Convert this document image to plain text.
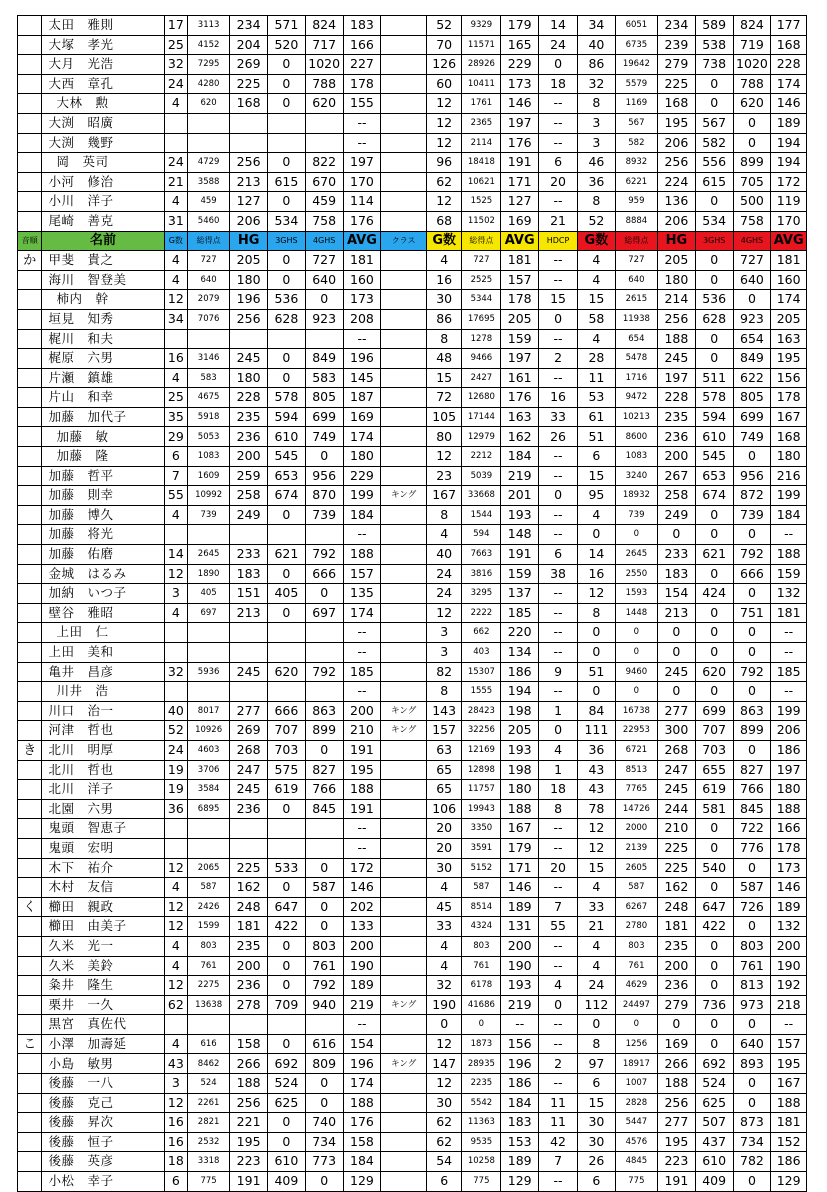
	太田　雅則	17	3113	234	571	824	183		52	9329	179	14	34	6051	234	589	824	177
	大塚　孝光	25	4152	204	520	717	166		70	11571	165	24	40	6735	239	538	719	168
	大月　光浩	32	7295	269	0	1020	227		126	28926	229	0	86	19642	279	738	1020	228
	大西　章孔	24	4280	225	0	788	178		60	10411	173	18	32	5579	225	0	788	174
	大林　勲	4	620	168	0	620	155		12	1761	146	--	8	1169	168	0	620	146
	大渕　昭廣						--		12	2365	197	--	3	567	195	567	0	189
	大渕　幾野						--		12	2114	176	--	3	582	206	582	0	194
	岡　英司	24	4729	256	0	822	197		96	18418	191	6	46	8932	256	556	899	194
	小河　修治	21	3588	213	615	670	170		62	10621	171	20	36	6221	224	615	705	172
	小川　洋子	4	459	127	0	459	114		12	1525	127	--	8	959	136	0	500	119
	尾崎　善克	31	5460	206	534	758	176		68	11502	169	21	52	8884	206	534	758	170
音順	名前	G数	総得点	HG	3GHS	4GHS	AVG	クラス	G数	総得点	AVG	HDCP	G数	総得点	HG	3GHS	4GHS	AVG
か	甲斐　貴之	4	727	205	0	727	181		4	727	181	--	4	727	205	0	727	181
	海川　智登美	4	640	180	0	640	160		16	2525	157	--	4	640	180	0	640	160
	柿内　幹	12	2079	196	536	0	173		30	5344	178	15	15	2615	214	536	0	174
	垣見　知秀	34	7076	256	628	923	208		86	17695	205	0	58	11938	256	628	923	205
	梶川　和夫						--		8	1278	159	--	4	654	188	0	654	163
	梶原　六男	16	3146	245	0	849	196		48	9466	197	2	28	5478	245	0	849	195
	片瀬　鎮雄	4	583	180	0	583	145		15	2427	161	--	11	1716	197	511	622	156
	片山　和幸	25	4675	228	578	805	187		72	12680	176	16	53	9472	228	578	805	178
	加藤　加代子	35	5918	235	594	699	169		105	17144	163	33	61	10213	235	594	699	167
	加藤　敏	29	5053	236	610	749	174		80	12979	162	26	51	8600	236	610	749	168
	加藤　隆	6	1083	200	545	0	180		12	2212	184	--	6	1083	200	545	0	180
	加藤　哲平	7	1609	259	653	956	229		23	5039	219	--	15	3240	267	653	956	216
	加藤　則幸	55	10992	258	674	870	199	キング	167	33668	201	0	95	18932	258	674	872	199
	加藤　博久	4	739	249	0	739	184		8	1544	193	--	4	739	249	0	739	184
	加藤　将光						--		4	594	148	--	0	0	0	0	0	--
	加藤　佑磨	14	2645	233	621	792	188		40	7663	191	6	14	2645	233	621	792	188
	金城　はるみ	12	1890	183	0	666	157		24	3816	159	38	16	2550	183	0	666	159
	加納　いつ子	3	405	151	405	0	135		24	3295	137	--	12	1593	154	424	0	132
	壁谷　雅昭	4	697	213	0	697	174		12	2222	185	--	8	1448	213	0	751	181
	上田　仁						--		3	662	220	--	0	0	0	0	0	--
	上田　美和						--		3	403	134	--	0	0	0	0	0	--
	亀井　昌彦	32	5936	245	620	792	185		82	15307	186	9	51	9460	245	620	792	185
	川井　浩						--		8	1555	194	--	0	0	0	0	0	--
	川口　治一	40	8017	277	666	863	200	キング	143	28423	198	1	84	16738	277	699	863	199
	河津　哲也	52	10926	269	707	899	210	キング	157	32256	205	0	111	22953	300	707	899	206
き	北川　明厚	24	4603	268	703	0	191		63	12169	193	4	36	6721	268	703	0	186
	北川　哲也	19	3706	247	575	827	195		65	12898	198	1	43	8513	247	655	827	197
	北川　洋子	19	3584	245	619	766	188		65	11757	180	18	43	7765	245	619	766	180
	北園　六男	36	6895	236	0	845	191		106	19943	188	8	78	14726	244	581	845	188
	鬼頭　智恵子						--		20	3350	167	--	12	2000	210	0	722	166
	鬼頭　宏明						--		20	3591	179	--	12	2139	225	0	776	178
	木下　祐介	12	2065	225	533	0	172		30	5152	171	20	15	2605	225	540	0	173
	木村　友信	4	587	162	0	587	146		4	587	146	--	4	587	162	0	587	146
く	櫛田　親政	12	2426	248	647	0	202		45	8514	189	7	33	6267	248	647	726	189
	櫛田　由美子	12	1599	181	422	0	133		33	4324	131	55	21	2780	181	422	0	132
	久米　光一	4	803	235	0	803	200		4	803	200	--	4	803	235	0	803	200
	久米　美鈴	4	761	200	0	761	190		4	761	190	--	4	761	200	0	761	190
	粂井　隆生	12	2275	236	0	792	189		32	6178	193	4	24	4629	236	0	813	192
	栗井　一久	62	13638	278	709	940	219	キング	190	41686	219	0	112	24497	279	736	973	218
	黒宮　真佐代						--		0	0	--	--	0	0	0	0	0	--
こ	小澤　加壽延	4	616	158	0	616	154		12	1873	156	--	8	1256	169	0	640	157
	小島　敏男	43	8462	266	692	809	196	キング	147	28935	196	2	97	18917	266	692	893	195
	後藤　一八	3	524	188	524	0	174		12	2235	186	--	6	1007	188	524	0	167
	後藤　克己	12	2261	256	625	0	188		30	5542	184	11	15	2828	256	625	0	188
	後藤　昇次	16	2821	221	0	740	176		62	11363	183	11	30	5447	277	507	873	181
	後藤　恒子	16	2532	195	0	734	158		62	9535	153	42	30	4576	195	437	734	152
	後藤　英彦	18	3318	223	610	773	184		54	10258	189	7	26	4845	223	610	782	186
	小松　幸子	6	775	191	409	0	129		6	775	129	--	6	775	191	409	0	129
